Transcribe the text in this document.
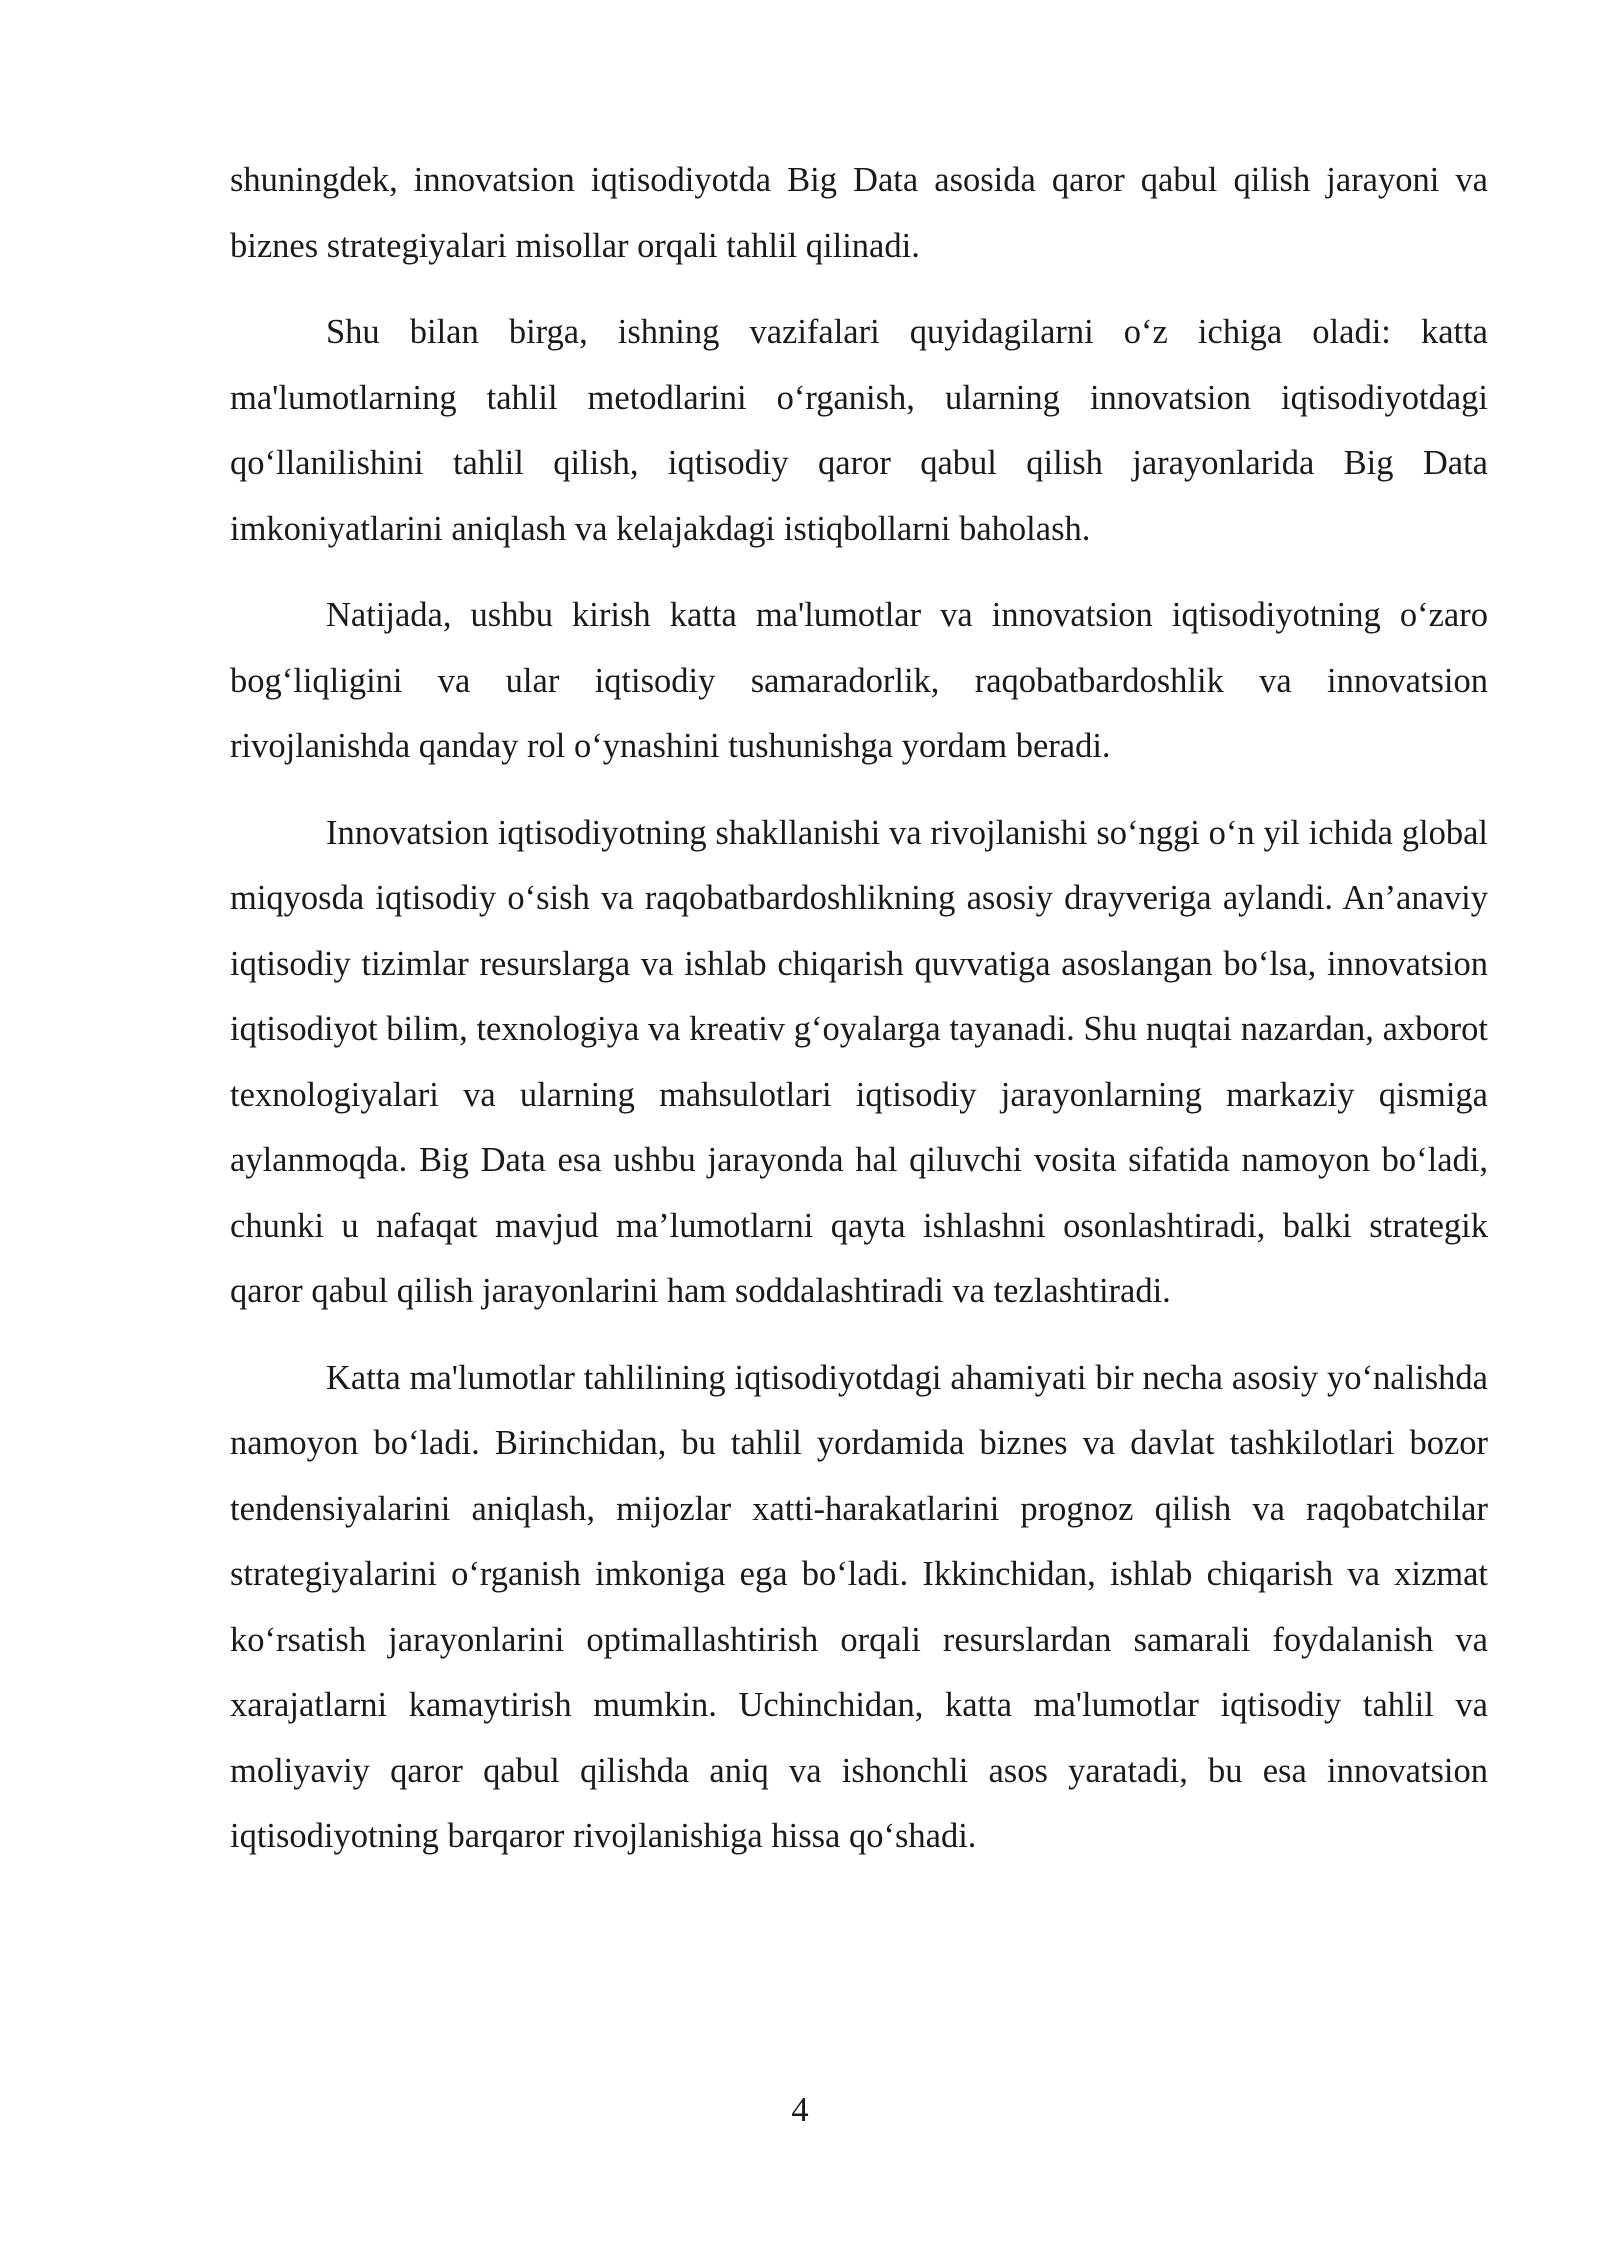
shuningdek, innovatsion iqtisodiyotda Big Data asosida qaror qabul qilish jarayoni va biznes strategiyalari misollar orqali tahlil qilinadi.

Shu bilan birga, ishning vazifalari quyidagilarni o‘z ichiga oladi: katta ma'lumotlarning tahlil metodlarini o‘rganish, ularning innovatsion iqtisodiyotdagi qo‘llanilishini tahlil qilish, iqtisodiy qaror qabul qilish jarayonlarida Big Data imkoniyatlarini aniqlash va kelajakdagi istiqbollarni baholash.

Natijada, ushbu kirish katta ma'lumotlar va innovatsion iqtisodiyotning o‘zaro bog‘liqligini va ular iqtisodiy samaradorlik, raqobatbardoshlik va innovatsion rivojlanishda qanday rol o‘ynashini tushunishga yordam beradi.

Innovatsion iqtisodiyotning shakllanishi va rivojlanishi so‘nggi o‘n yil ichida global miqyosda iqtisodiy o‘sish va raqobatbardoshlikning asosiy drayveriga aylandi. An’anaviy iqtisodiy tizimlar resurslarga va ishlab chiqarish quvvatiga asoslangan bo‘lsa, innovatsion iqtisodiyot bilim, texnologiya va kreativ g‘oyalarga tayanadi. Shu nuqtai nazardan, axborot texnologiyalari va ularning mahsulotlari iqtisodiy jarayonlarning markaziy qismiga aylanmoqda. Big Data esa ushbu jarayonda hal qiluvchi vosita sifatida namoyon bo‘ladi, chunki u nafaqat mavjud ma’lumotlarni qayta ishlashni osonlashtiradi, balki strategik qaror qabul qilish jarayonlarini ham soddalashtiradi va tezlashtiradi.

Katta ma'lumotlar tahlilining iqtisodiyotdagi ahamiyati bir necha asosiy yo‘nalishda namoyon bo‘ladi. Birinchidan, bu tahlil yordamida biznes va davlat tashkilotlari bozor tendensiyalarini aniqlash, mijozlar xatti-harakatlarini prognoz qilish va raqobatchilar strategiyalarini o‘rganish imkoniga ega bo‘ladi. Ikkinchidan, ishlab chiqarish va xizmat ko‘rsatish jarayonlarini optimallashtirish orqali resurslardan samarali foydalanish va xarajatlarni kamaytirish mumkin. Uchinchidan, katta ma'lumotlar iqtisodiy tahlil va moliyaviy qaror qabul qilishda aniq va ishonchli asos yaratadi, bu esa innovatsion iqtisodiyotning barqaror rivojlanishiga hissa qo‘shadi.

4
